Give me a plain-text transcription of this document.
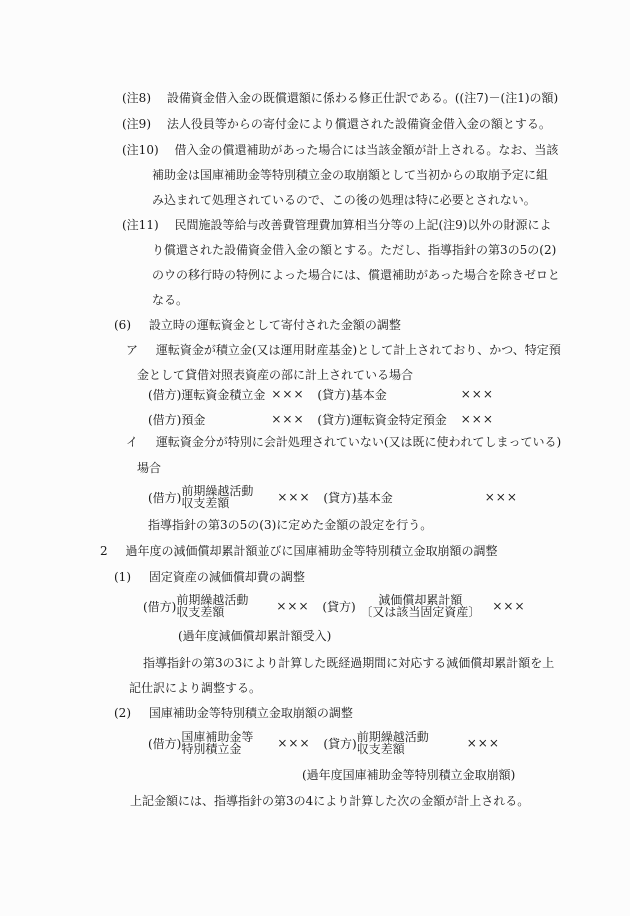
(注8) 設備資金借入金の既償還額に係わる修正仕訳である。((注7)－(注1)の額)
(注9) 法人役員等からの寄付金により償還された設備資金借入金の額とする。
(注10) 借入金の償還補助があった場合には当該金額が計上される。なお、当該
補助金は国庫補助金等特別積立金の取崩額として当初からの取崩予定に組
み込まれて処理されているので、この後の処理は特に必要とされない。
(注11) 民間施設等給与改善費管理費加算相当分等の上記(注9)以外の財源によ
り償還された設備資金借入金の額とする。ただし、指導指針の第3の5の(2)
のウの移行時の特例によった場合には、償還補助があった場合を除きゼロと
なる。
(6) 設立時の運転資金として寄付された金額の調整
ア 運転資金が積立金(又は運用財産基金)として計上されており、かつ、特定預
金として貸借対照表資産の部に計上されている場合
(借方) 運転資金積立金 ×××	(貸方) 基本金	×××
(借方) 預金	×××	(貸方) 運転資金特定預金	×××
イ 運転資金分が特別に会計処理されていない(又は既に使われてしまっている)
場合
(借方) 前期繰越活動
収支差額	×××	(貸方) 基本金	×××
指導指針の第3の5の(3)に定めた金額の設定を行う。
2 過年度の減価償却累計額並びに国庫補助金等特別積立金取崩額の調整
(1) 固定資産の減価償却費の調整
(借方) 前期繰越活動
収支差額	×××	(貸方)	減価償却累計額
〔又は該当固定資産〕 ×××
(過年度減価償却累計額受入)
指導指針の第3の3により計算した既経過期間に対応する減価償却累計額を上
記仕訳により調整する。
(2) 国庫補助金等特別積立金取崩額の調整
(借方) 国庫補助金等
特別積立金	×××	(貸方) 前期繰越活動
収支差額	×××
(過年度国庫補助金等特別積立金取崩額)
上記金額には、指導指針の第3の4により計算した次の金額が計上される。
